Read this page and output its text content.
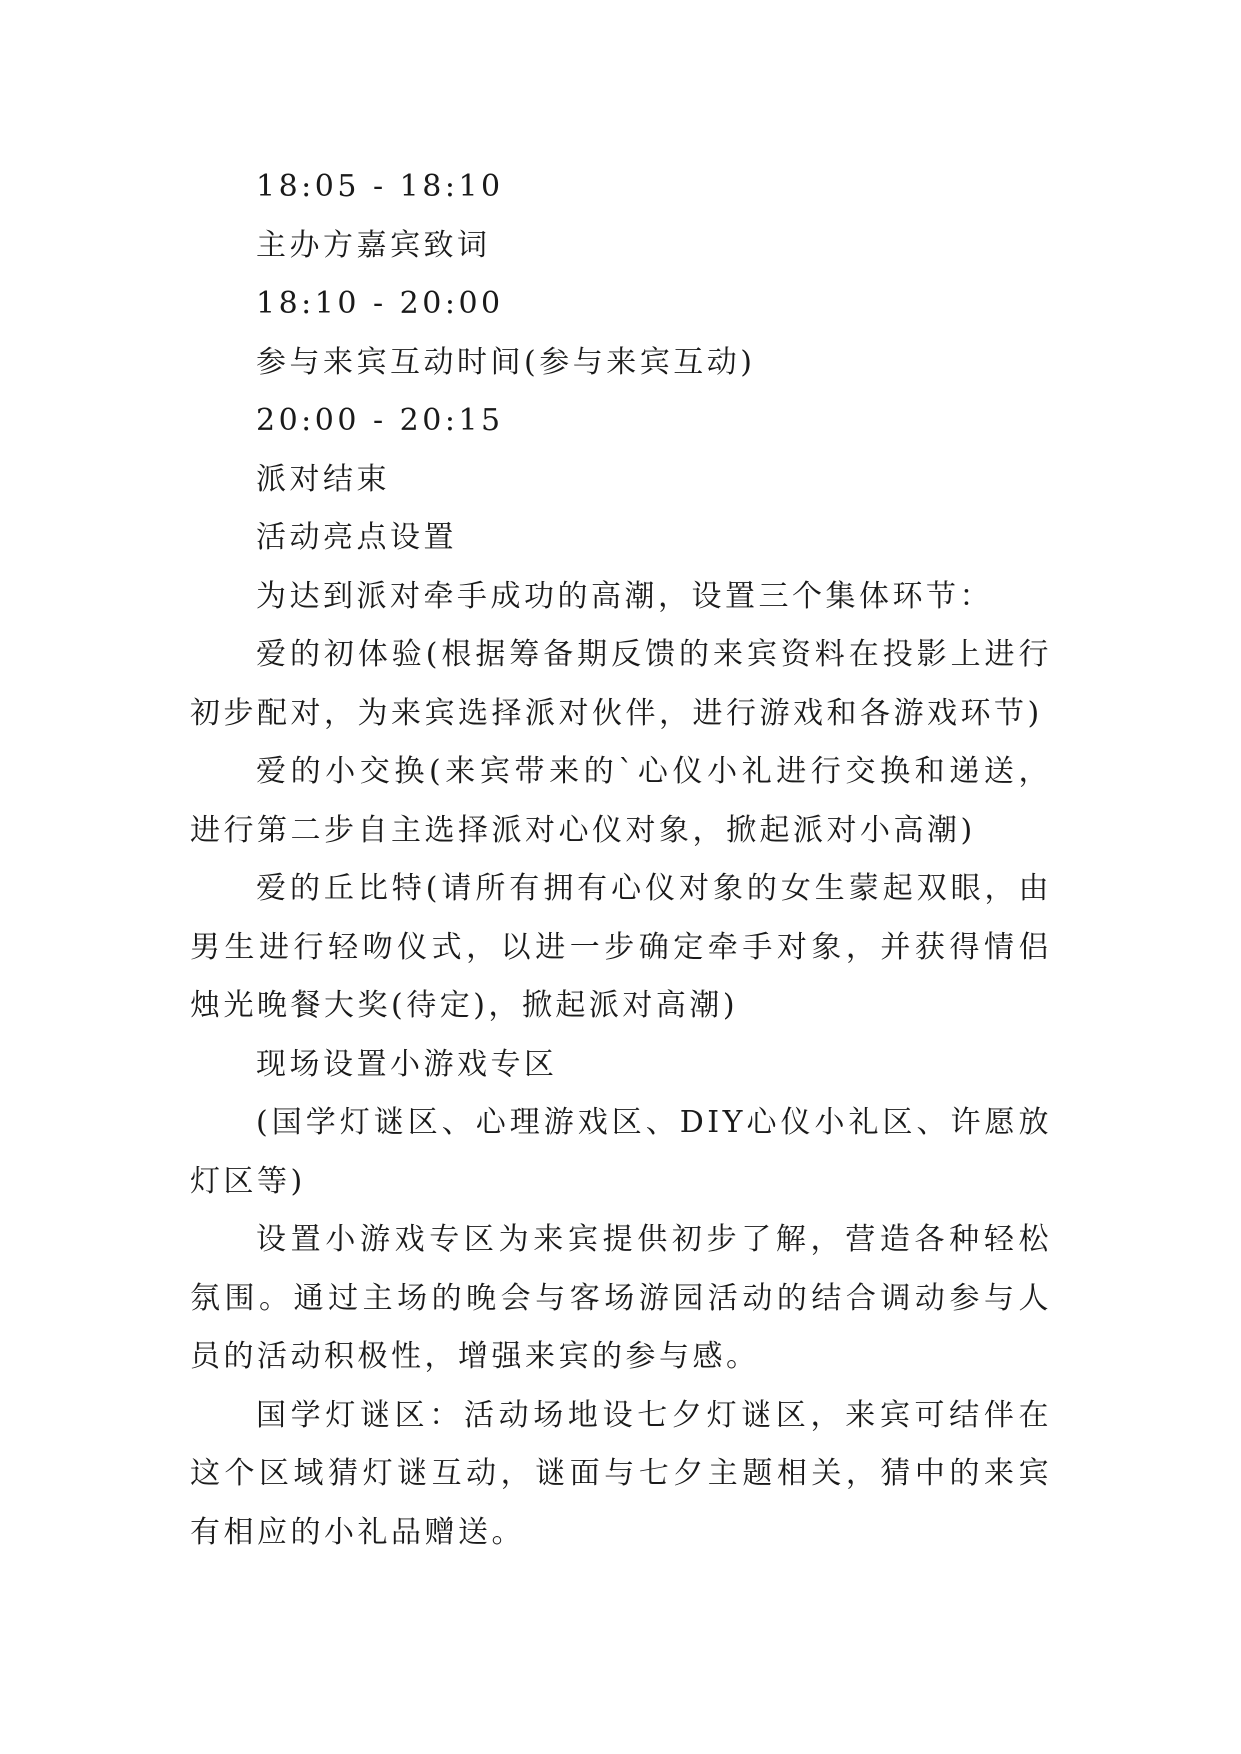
18:05 - 18:10

主办方嘉宾致词

18:10 - 20:00

参与来宾互动时间(参与来宾互动)

20:00 - 20:15

派对结束

活动亮点设置

为达到派对牵手成功的高潮，设置三个集体环节：

爱的初体验(根据筹备期反馈的来宾资料在投影上进行初步配对，为来宾选择派对伙伴，进行游戏和各游戏环节)

爱的小交换(来宾带来的`心仪小礼进行交换和递送，进行第二步自主选择派对心仪对象，掀起派对小高潮)

爱的丘比特(请所有拥有心仪对象的女生蒙起双眼，由男生进行轻吻仪式，以进一步确定牵手对象，并获得情侣烛光晚餐大奖(待定)，掀起派对高潮)

现场设置小游戏专区

(国学灯谜区、心理游戏区、DIY心仪小礼区、许愿放灯区等)

设置小游戏专区为来宾提供初步了解，营造各种轻松氛围。通过主场的晚会与客场游园活动的结合调动参与人员的活动积极性，增强来宾的参与感。

国学灯谜区：活动场地设七夕灯谜区，来宾可结伴在这个区域猜灯谜互动，谜面与七夕主题相关，猜中的来宾有相应的小礼品赠送。
